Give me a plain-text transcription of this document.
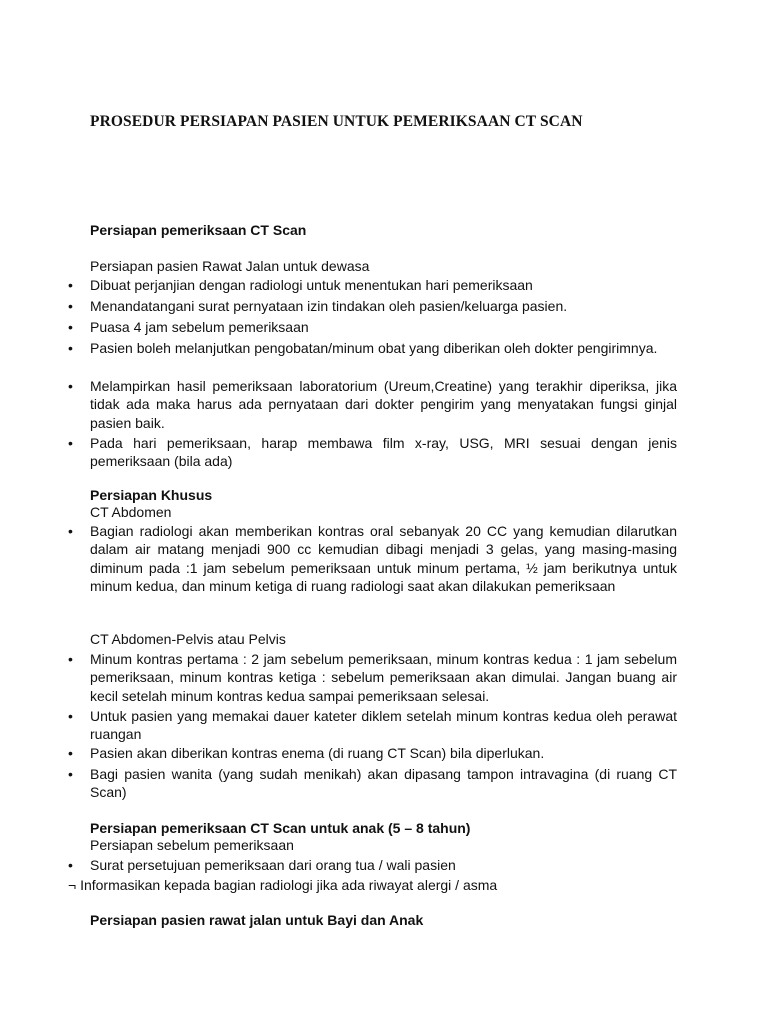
PROSEDUR PERSIAPAN PASIEN UNTUK PEMERIKSAAN CT SCAN
Persiapan pemeriksaan CT Scan
Persiapan pasien Rawat Jalan untuk dewasa
• Dibuat perjanjian dengan radiologi untuk menentukan hari pemeriksaan
• Menandatangani surat pernyataan izin tindakan oleh pasien/keluarga pasien.
• Puasa 4 jam sebelum pemeriksaan
• Pasien boleh melanjutkan pengobatan/minum obat yang diberikan oleh dokter pengirimnya.
• Melampirkan hasil pemeriksaan laboratorium (Ureum,Creatine) yang terakhir diperiksa, jika tidak ada maka harus ada pernyataan dari dokter pengirim yang menyatakan fungsi ginjal pasien baik.
• Pada hari pemeriksaan, harap membawa film x-ray, USG, MRI sesuai dengan jenis pemeriksaan (bila ada)
Persiapan Khusus
CT Abdomen
• Bagian radiologi akan memberikan kontras oral sebanyak 20 CC yang kemudian dilarutkan dalam air matang menjadi 900 cc kemudian dibagi menjadi 3 gelas, yang masing-masing diminum pada :1 jam sebelum pemeriksaan untuk minum pertama, ½ jam berikutnya untuk minum kedua, dan minum ketiga di ruang radiologi saat akan dilakukan pemeriksaan
CT Abdomen-Pelvis atau Pelvis
• Minum kontras pertama : 2 jam sebelum pemeriksaan, minum kontras kedua : 1 jam sebelum pemeriksaan, minum kontras ketiga : sebelum pemeriksaan akan dimulai. Jangan buang air kecil setelah minum kontras kedua sampai pemeriksaan selesai.
• Untuk pasien yang memakai dauer kateter diklem setelah minum kontras kedua oleh perawat ruangan
• Pasien akan diberikan kontras enema (di ruang CT Scan) bila diperlukan.
• Bagi pasien wanita (yang sudah menikah) akan dipasang tampon intravagina (di ruang CT Scan)
Persiapan pemeriksaan CT Scan untuk anak (5 – 8 tahun)
Persiapan sebelum pemeriksaan
• Surat persetujuan pemeriksaan dari orang tua / wali pasien
¬ Informasikan kepada bagian radiologi jika ada riwayat alergi / asma
Persiapan pasien rawat jalan untuk Bayi dan Anak
